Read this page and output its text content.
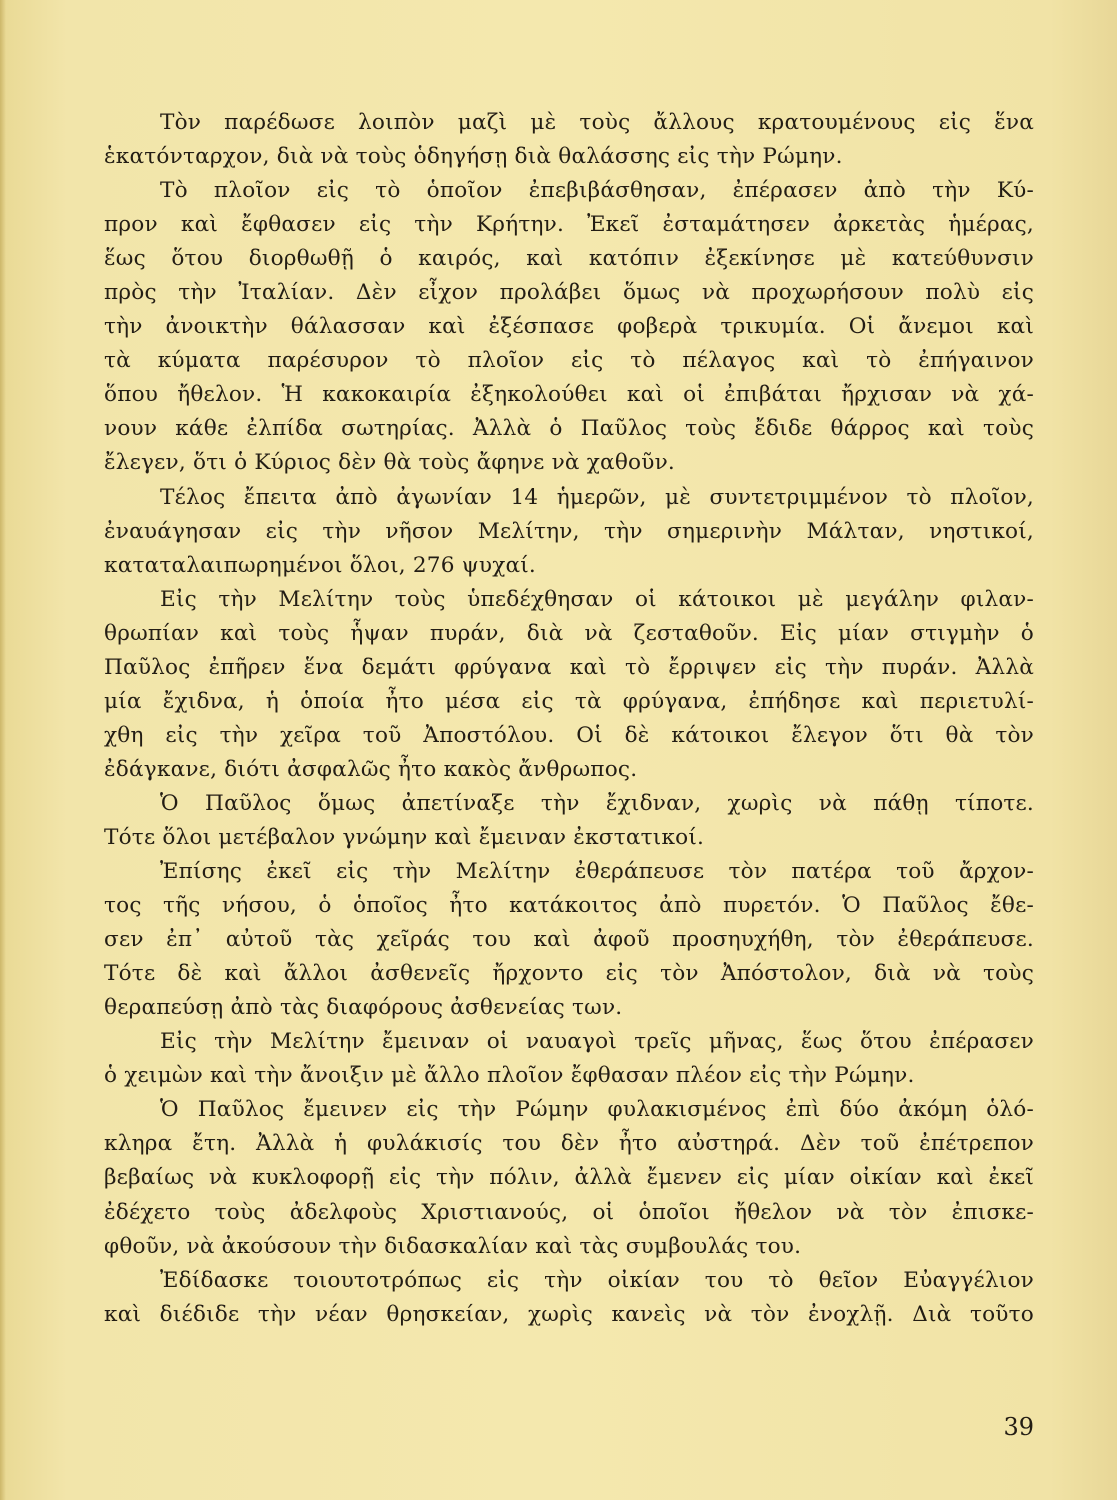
Τὸν παρέδωσε λοιπὸν μαζὶ μὲ τοὺς ἄλλους κρατουμένους εἰς ἕνα
ἑκατόνταρχον, διὰ νὰ τοὺς ὁδηγήσῃ διὰ θαλάσσης εἰς τὴν Ρώμην.
Τὸ πλοῖον εἰς τὸ ὁποῖον ἐπεβιβάσθησαν, ἐπέρασεν ἀπὸ τὴν Κύ-
προν καὶ ἔφθασεν εἰς τὴν Κρήτην. Ἐκεῖ ἐσταμάτησεν ἀρκετὰς ἡμέρας,
ἕως ὅτου διορθωθῇ ὁ καιρός, καὶ κατόπιν ἐξεκίνησε μὲ κατεύθυνσιν
πρὸς τὴν Ἰταλίαν. Δὲν εἶχον προλάβει ὅμως νὰ προχωρήσουν πολὺ εἰς
τὴν ἀνοικτὴν θάλασσαν καὶ ἐξέσπασε φοβερὰ τρικυμία. Οἱ ἄνεμοι καὶ
τὰ κύματα παρέσυρον τὸ πλοῖον εἰς τὸ πέλαγος καὶ τὸ ἐπήγαινον
ὅπου ἤθελον. Ἡ κακοκαιρία ἐξηκολούθει καὶ οἱ ἐπιβάται ἤρχισαν νὰ χά-
νουν κάθε ἐλπίδα σωτηρίας. Ἀλλὰ ὁ Παῦλος τοὺς ἔδιδε θάρρος καὶ τοὺς
ἔλεγεν, ὅτι ὁ Κύριος δὲν θὰ τοὺς ἄφηνε νὰ χαθοῦν.
Τέλος ἔπειτα ἀπὸ ἀγωνίαν 14 ἡμερῶν, μὲ συντετριμμένον τὸ πλοῖον,
ἐναυάγησαν εἰς τὴν νῆσον Μελίτην, τὴν σημερινὴν Μάλταν, νηστικοί,
καταταλαιπωρημένοι ὅλοι, 276 ψυχαί.
Εἰς τὴν Μελίτην τοὺς ὑπεδέχθησαν οἱ κάτοικοι μὲ μεγάλην φιλαν-
θρωπίαν καὶ τοὺς ἧψαν πυράν, διὰ νὰ ζεσταθοῦν. Εἰς μίαν στιγμὴν ὁ
Παῦλος ἐπῆρεν ἕνα δεμάτι φρύγανα καὶ τὸ ἔρριψεν εἰς τὴν πυράν. Ἀλλὰ
μία ἔχιδνα, ἡ ὁποία ἦτο μέσα εἰς τὰ φρύγανα, ἐπήδησε καὶ περιετυλί-
χθη εἰς τὴν χεῖρα τοῦ Ἀποστόλου. Οἱ δὲ κάτοικοι ἔλεγον ὅτι θὰ τὸν
ἐδάγκανε, διότι ἀσφαλῶς ἦτο κακὸς ἄνθρωπος.
Ὁ Παῦλος ὅμως ἀπετίναξε τὴν ἔχιδναν, χωρὶς νὰ πάθῃ τίποτε.
Τότε ὅλοι μετέβαλον γνώμην καὶ ἔμειναν ἐκστατικοί.
Ἐπίσης ἐκεῖ εἰς τὴν Μελίτην ἐθεράπευσε τὸν πατέρα τοῦ ἄρχον-
τος τῆς νήσου, ὁ ὁποῖος ἦτο κατάκοιτος ἀπὸ πυρετόν. Ὁ Παῦλος ἔθε-
σεν ἐπ᾽ αὐτοῦ τὰς χεῖράς του καὶ ἀφοῦ προσηυχήθη, τὸν ἐθεράπευσε.
Τότε δὲ καὶ ἄλλοι ἀσθενεῖς ἤρχοντο εἰς τὸν Ἀπόστολον, διὰ νὰ τοὺς
θεραπεύσῃ ἀπὸ τὰς διαφόρους ἀσθενείας των.
Εἰς τὴν Μελίτην ἔμειναν οἱ ναυαγοὶ τρεῖς μῆνας, ἕως ὅτου ἐπέρασεν
ὁ χειμὼν καὶ τὴν ἄνοιξιν μὲ ἄλλο πλοῖον ἔφθασαν πλέον εἰς τὴν Ρώμην.
Ὁ Παῦλος ἔμεινεν εἰς τὴν Ρώμην φυλακισμένος ἐπὶ δύο ἀκόμη ὁλό-
κληρα ἔτη. Ἀλλὰ ἡ φυλάκισίς του δὲν ἦτο αὐστηρά. Δὲν τοῦ ἐπέτρεπον
βεβαίως νὰ κυκλοφορῇ εἰς τὴν πόλιν, ἀλλὰ ἔμενεν εἰς μίαν οἰκίαν καὶ ἐκεῖ
ἐδέχετο τοὺς ἀδελφοὺς Χριστιανούς, οἱ ὁποῖοι ἤθελον νὰ τὸν ἐπισκε-
φθοῦν, νὰ ἀκούσουν τὴν διδασκαλίαν καὶ τὰς συμβουλάς του.
Ἐδίδασκε τοιουτοτρόπως εἰς τὴν οἰκίαν του τὸ θεῖον Εὐαγγέλιον
καὶ διέδιδε τὴν νέαν θρησκείαν, χωρὶς κανεὶς νὰ τὸν ἐνοχλῇ. Διὰ τοῦτο
39
